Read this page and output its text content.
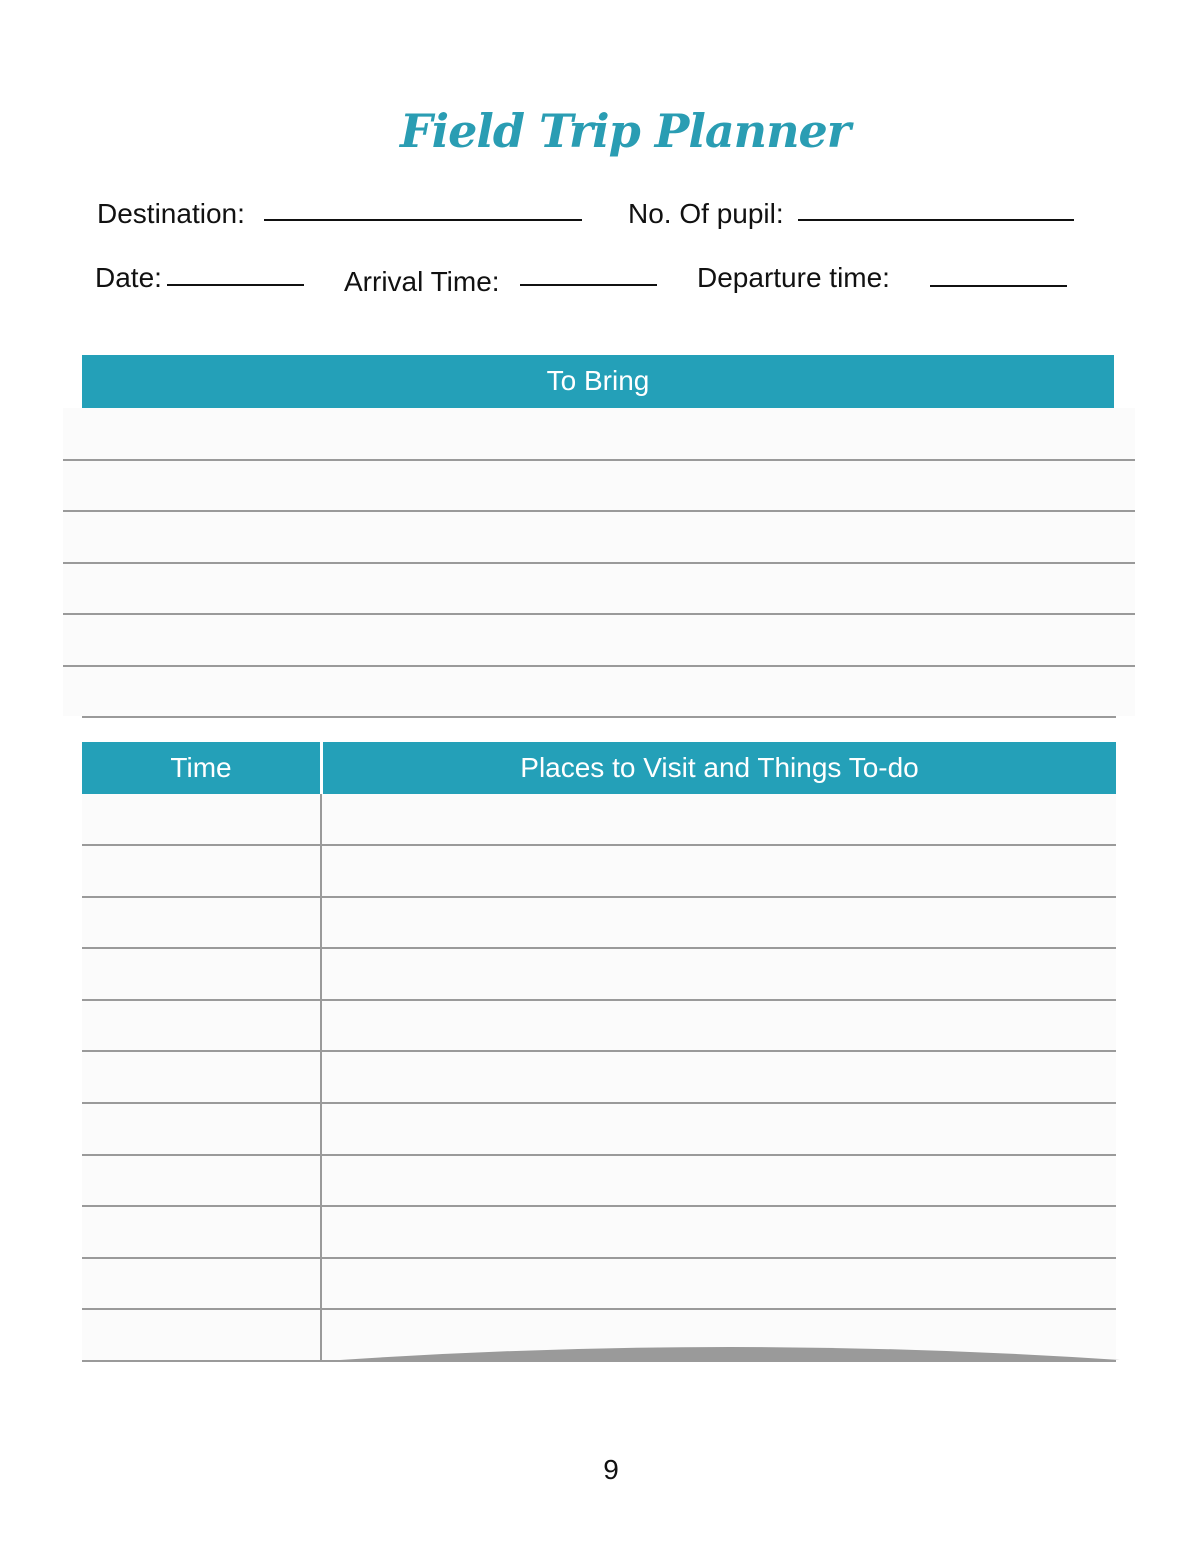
Field Trip Planner
Destination:	No. Of pupil:
Date:	Arrival Time:	Departure time:
To Bring
Time	Places to Visit and Things To-do
9
